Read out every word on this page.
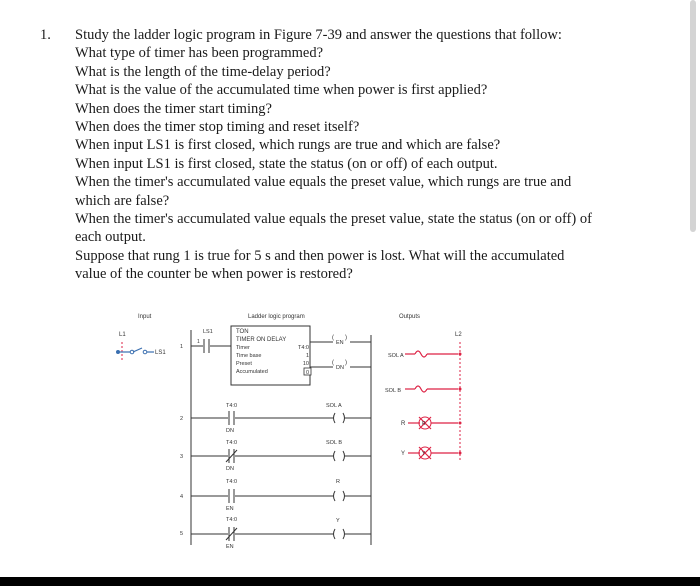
1. Study the ladder logic program in Figure 7-39 and answer the questions that follow:
What type of timer has been programmed?
What is the length of the time-delay period?
What is the value of the accumulated time when power is first applied?
When does the timer start timing?
When does the timer stop timing and reset itself?
When input LS1 is first closed, which rungs are true and which are false?
When input LS1 is first closed, state the status (on or off) of each output.
When the timer's accumulated value equals the preset value, which rungs are true and
which are false?
When the timer's accumulated value equals the preset value, state the status (on or off) of
each output.
Suppose that rung 1 is true for 5 s and then power is lost. What will the accumulated
value of the counter be when power is restored?
Input	Ladder logic program	Outputs
L1	L2
LS1
1
2
3
4
5
LS1
1
TON
TIMER ON DELAY
Timer
Time base
Preset
Accumulated
T4:0
1
10
0
(
EN
)
(
DN
)
T4:0
DN
SOL A
T4:0
DN
SOL B
T4:0
EN
R
T4:0
EN
Y
SOL A
SOL B
R	R
Y	Y
